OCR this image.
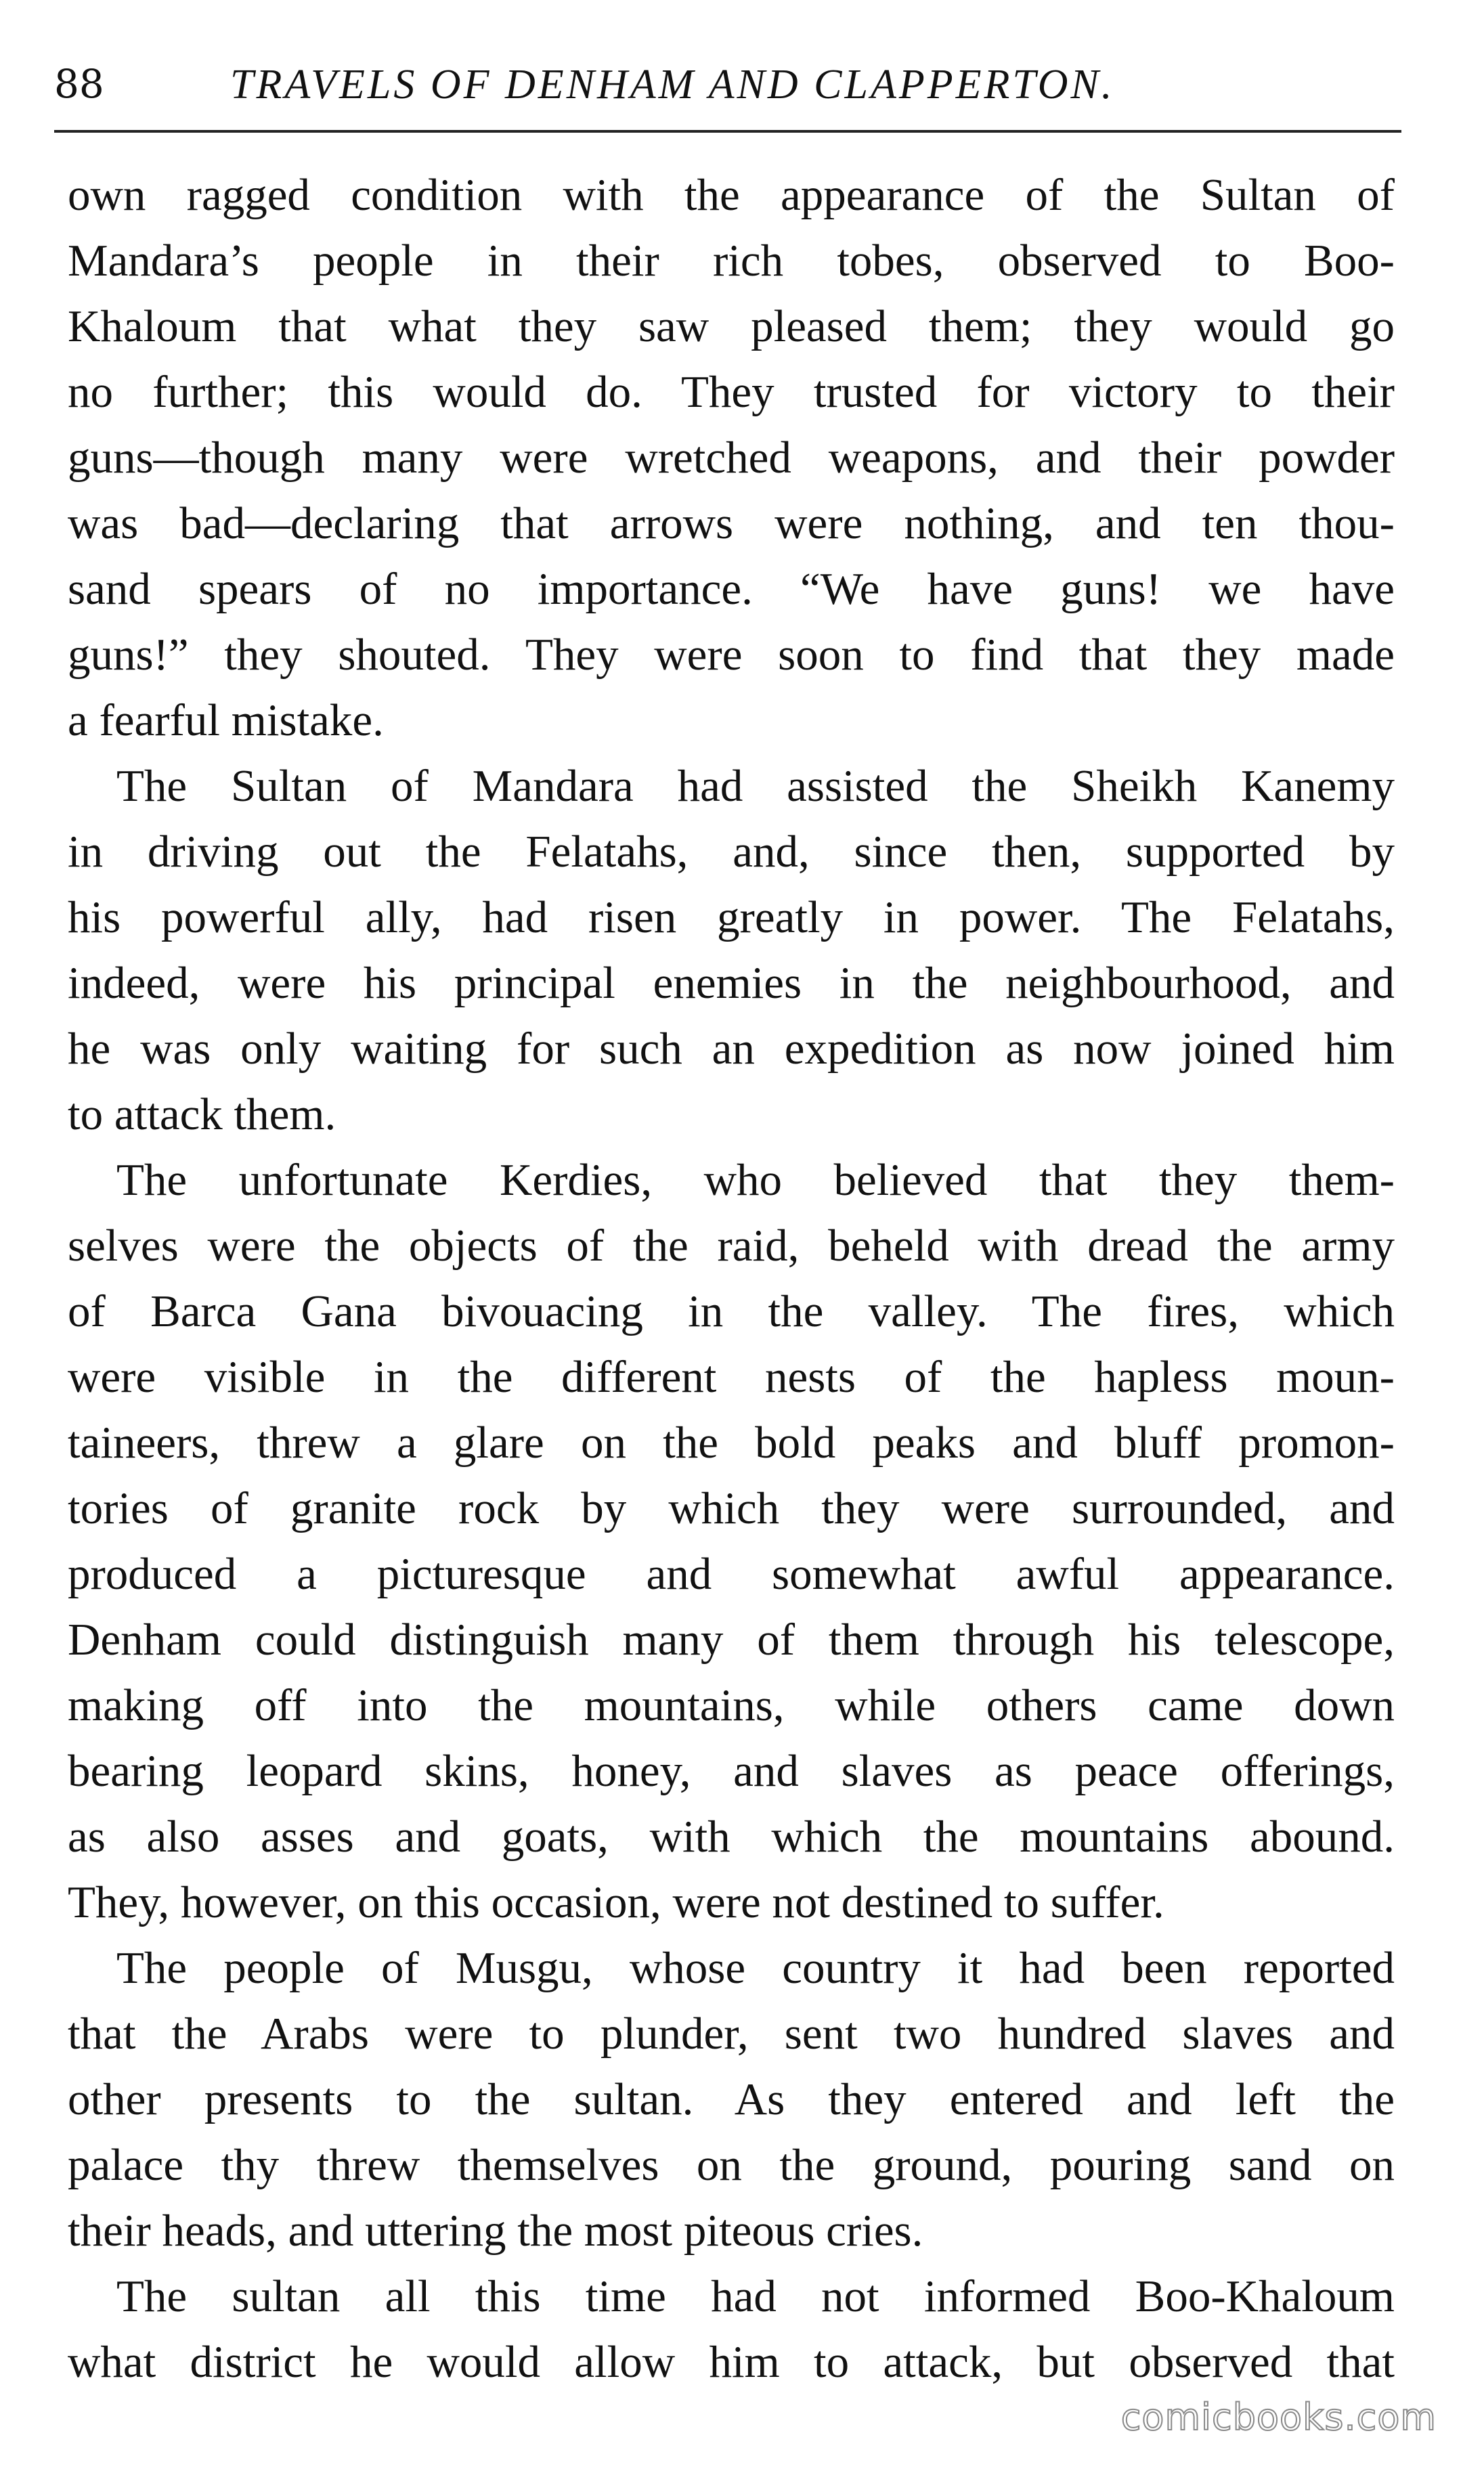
88	TRAVELS OF DENHAM AND CLAPPERTON.
own ragged condition with the appearance of the Sultan of
Mandara’s people in their rich tobes, observed to Boo-
Khaloum that what they saw pleased them; they would go
no further; this would do. They trusted for victory to their
guns—though many were wretched weapons, and their powder
was bad—declaring that arrows were nothing, and ten thou-
sand spears of no importance. “We have guns! we have
guns!” they shouted. They were soon to find that they made
a fearful mistake.
The Sultan of Mandara had assisted the Sheikh Kanemy
in driving out the Felatahs, and, since then, supported by
his powerful ally, had risen greatly in power. The Felatahs,
indeed, were his principal enemies in the neighbourhood, and
he was only waiting for such an expedition as now joined him
to attack them.
The unfortunate Kerdies, who believed that they them-
selves were the objects of the raid, beheld with dread the army
of Barca Gana bivouacing in the valley. The fires, which
were visible in the different nests of the hapless moun-
taineers, threw a glare on the bold peaks and bluff promon-
tories of granite rock by which they were surrounded, and
produced a picturesque and somewhat awful appearance.
Denham could distinguish many of them through his telescope,
making off into the mountains, while others came down
bearing leopard skins, honey, and slaves as peace offerings,
as also asses and goats, with which the mountains abound.
They, however, on this occasion, were not destined to suffer.
The people of Musgu, whose country it had been reported
that the Arabs were to plunder, sent two hundred slaves and
other presents to the sultan. As they entered and left the
palace thy threw themselves on the ground, pouring sand on
their heads, and uttering the most piteous cries.
The sultan all this time had not informed Boo-Khaloum
what district he would allow him to attack, but observed that
comicbooks.com
